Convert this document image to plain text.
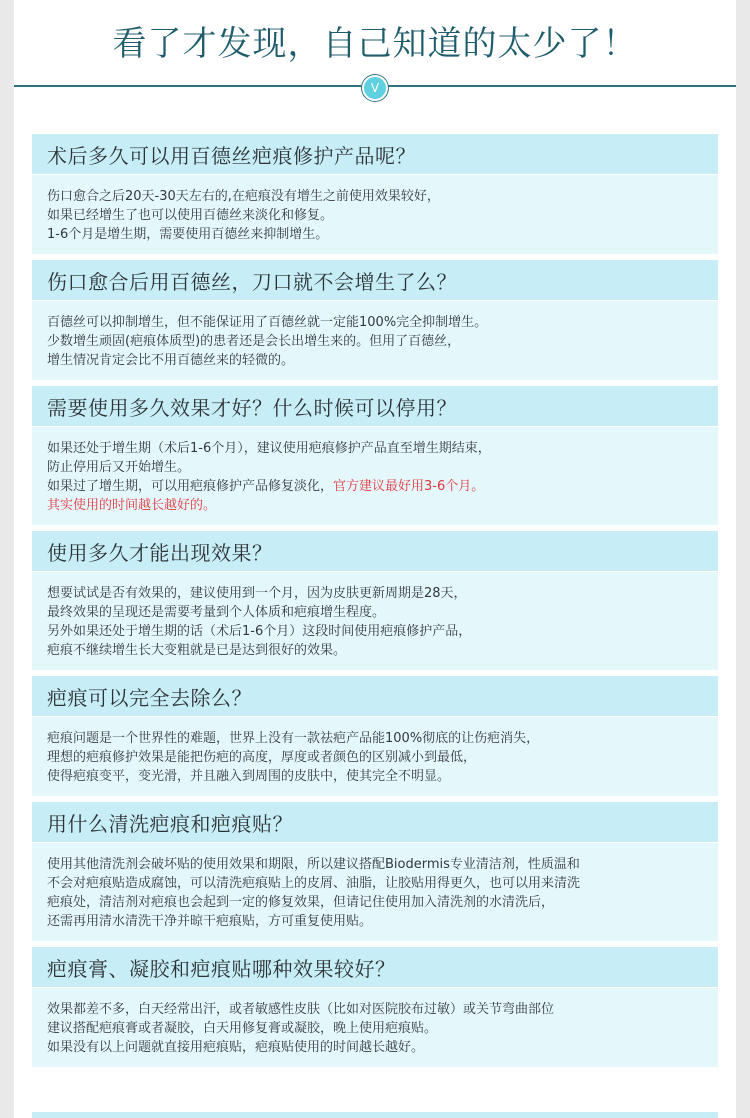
看了才发现，自己知道的太少了！
V
术后多久可以用百德丝疤痕修护产品呢？
伤口愈合之后20天-30天左右的,在疤痕没有增生之前使用效果较好，
如果已经增生了也可以使用百德丝来淡化和修复。
1-6个月是增生期，需要使用百德丝来抑制增生。
伤口愈合后用百德丝，刀口就不会增生了么？
百德丝可以抑制增生，但不能保证用了百德丝就一定能100%完全抑制增生。
少数增生顽固(疤痕体质型)的患者还是会长出增生来的。但用了百德丝，
增生情况肯定会比不用百德丝来的轻微的。
需要使用多久效果才好？什么时候可以停用？
如果还处于增生期（术后1-6个月），建议使用疤痕修护产品直至增生期结束，
防止停用后又开始增生。
如果过了增生期，可以用疤痕修护产品修复淡化，官方建议最好用3-6个月。
其实使用的时间越长越好的。
使用多久才能出现效果？
想要试试是否有效果的，建议使用到一个月，因为皮肤更新周期是28天，
最终效果的呈现还是需要考量到个人体质和疤痕增生程度。
另外如果还处于增生期的话（术后1-6个月）这段时间使用疤痕修护产品，
疤痕不继续增生长大变粗就是已是达到很好的效果。
疤痕可以完全去除么？
疤痕问题是一个世界性的难题，世界上没有一款祛疤产品能100%彻底的让伤疤消失，
理想的疤痕修护效果是能把伤疤的高度，厚度或者颜色的区别减小到最低，
使得疤痕变平，变光滑，并且融入到周围的皮肤中，使其完全不明显。
用什么清洗疤痕和疤痕贴？
使用其他清洗剂会破坏贴的使用效果和期限，所以建议搭配Biodermis专业清洁剂，性质温和
不会对疤痕贴造成腐蚀，可以清洗疤痕贴上的皮屑、油脂，让胶贴用得更久，也可以用来清洗
疤痕处，清洁剂对疤痕也会起到一定的修复效果，但请记住使用加入清洗剂的水清洗后，
还需再用清水清洗干净并晾干疤痕贴，方可重复使用贴。
疤痕膏、凝胶和疤痕贴哪种效果较好？
效果都差不多，白天经常出汗，或者敏感性皮肤（比如对医院胶布过敏）或关节弯曲部位
建议搭配疤痕膏或者凝胶，白天用修复膏或凝胶，晚上使用疤痕贴。
如果没有以上问题就直接用疤痕贴，疤痕贴使用的时间越长越好。
